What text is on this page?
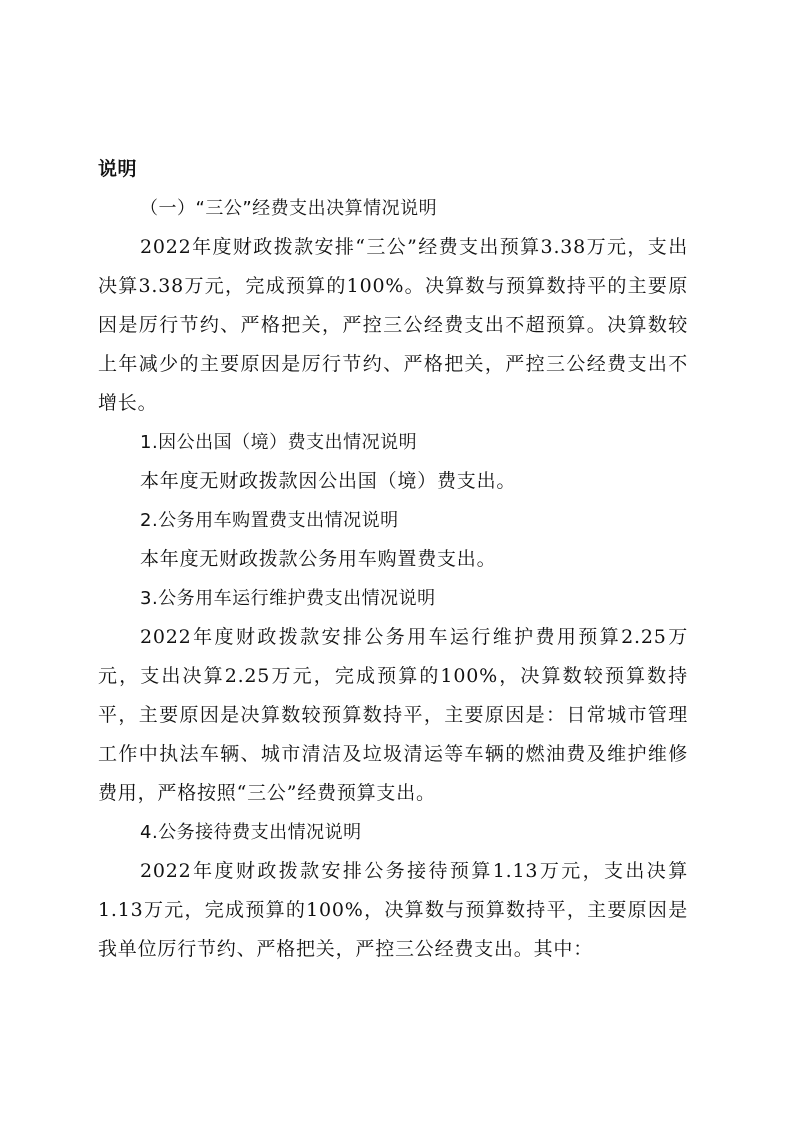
说明

（一）“三公”经费支出决算情况说明

2022年度财政拨款安排“三公”经费支出预算3.38万元，支出决算3.38万元，完成预算的100%。决算数与预算数持平的主要原因是厉行节约、严格把关，严控三公经费支出不超预算。决算数较上年减少的主要原因是厉行节约、严格把关，严控三公经费支出不增长。

1.因公出国（境）费支出情况说明

本年度无财政拨款因公出国（境）费支出。

2.公务用车购置费支出情况说明

本年度无财政拨款公务用车购置费支出。

3.公务用车运行维护费支出情况说明

2022年度财政拨款安排公务用车运行维护费用预算2.25万元，支出决算2.25万元，完成预算的100%，决算数较预算数持平，主要原因是决算数较预算数持平，主要原因是：日常城市管理工作中执法车辆、城市清洁及垃圾清运等车辆的燃油费及维护维修费用，严格按照“三公”经费预算支出。

4.公务接待费支出情况说明

2022年度财政拨款安排公务接待预算1.13万元，支出决算1.13万元，完成预算的100%，决算数与预算数持平，主要原因是我单位厉行节约、严格把关，严控三公经费支出。其中：
